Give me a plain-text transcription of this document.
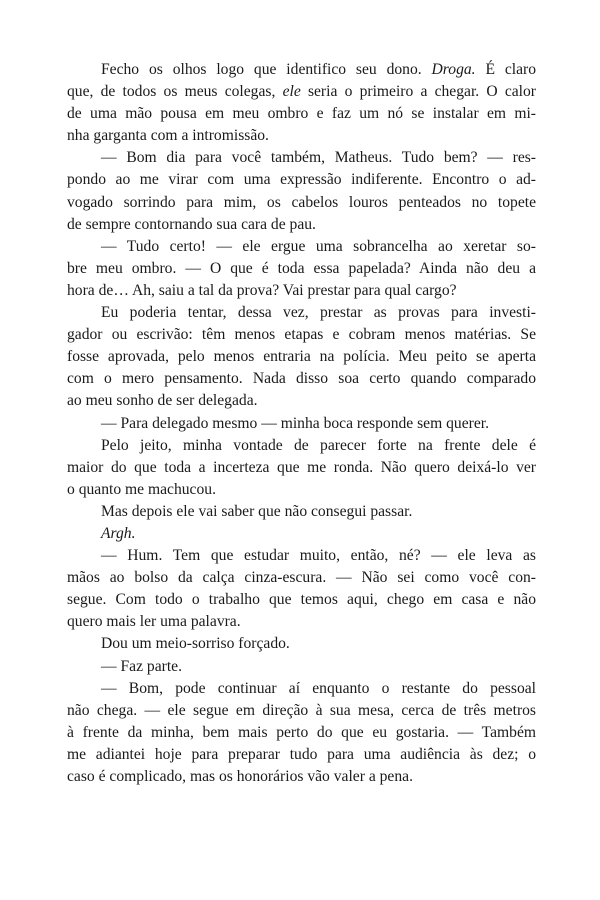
Fecho os olhos logo que identifico seu dono. Droga. É claro
que, de todos os meus colegas, ele seria o primeiro a chegar. O calor
de uma mão pousa em meu ombro e faz um nó se instalar em mi-
nha garganta com a intromissão.

— Bom dia para você também, Matheus. Tudo bem? — res-
pondo ao me virar com uma expressão indiferente. Encontro o ad-
vogado sorrindo para mim, os cabelos louros penteados no topete
de sempre contornando sua cara de pau.

— Tudo certo! — ele ergue uma sobrancelha ao xeretar so-
bre meu ombro. — O que é toda essa papelada? Ainda não deu a
hora de… Ah, saiu a tal da prova? Vai prestar para qual cargo?

Eu poderia tentar, dessa vez, prestar as provas para investi-
gador ou escrivão: têm menos etapas e cobram menos matérias. Se
fosse aprovada, pelo menos entraria na polícia. Meu peito se aperta
com o mero pensamento. Nada disso soa certo quando comparado
ao meu sonho de ser delegada.

— Para delegado mesmo — minha boca responde sem querer.

Pelo jeito, minha vontade de parecer forte na frente dele é
maior do que toda a incerteza que me ronda. Não quero deixá-lo ver
o quanto me machucou.

Mas depois ele vai saber que não consegui passar.

Argh.

— Hum. Tem que estudar muito, então, né? — ele leva as
mãos ao bolso da calça cinza-escura. — Não sei como você con-
segue. Com todo o trabalho que temos aqui, chego em casa e não
quero mais ler uma palavra.

Dou um meio-sorriso forçado.

— Faz parte.

— Bom, pode continuar aí enquanto o restante do pessoal
não chega. — ele segue em direção à sua mesa, cerca de três metros
à frente da minha, bem mais perto do que eu gostaria. — Também
me adiantei hoje para preparar tudo para uma audiência às dez; o
caso é complicado, mas os honorários vão valer a pena.
